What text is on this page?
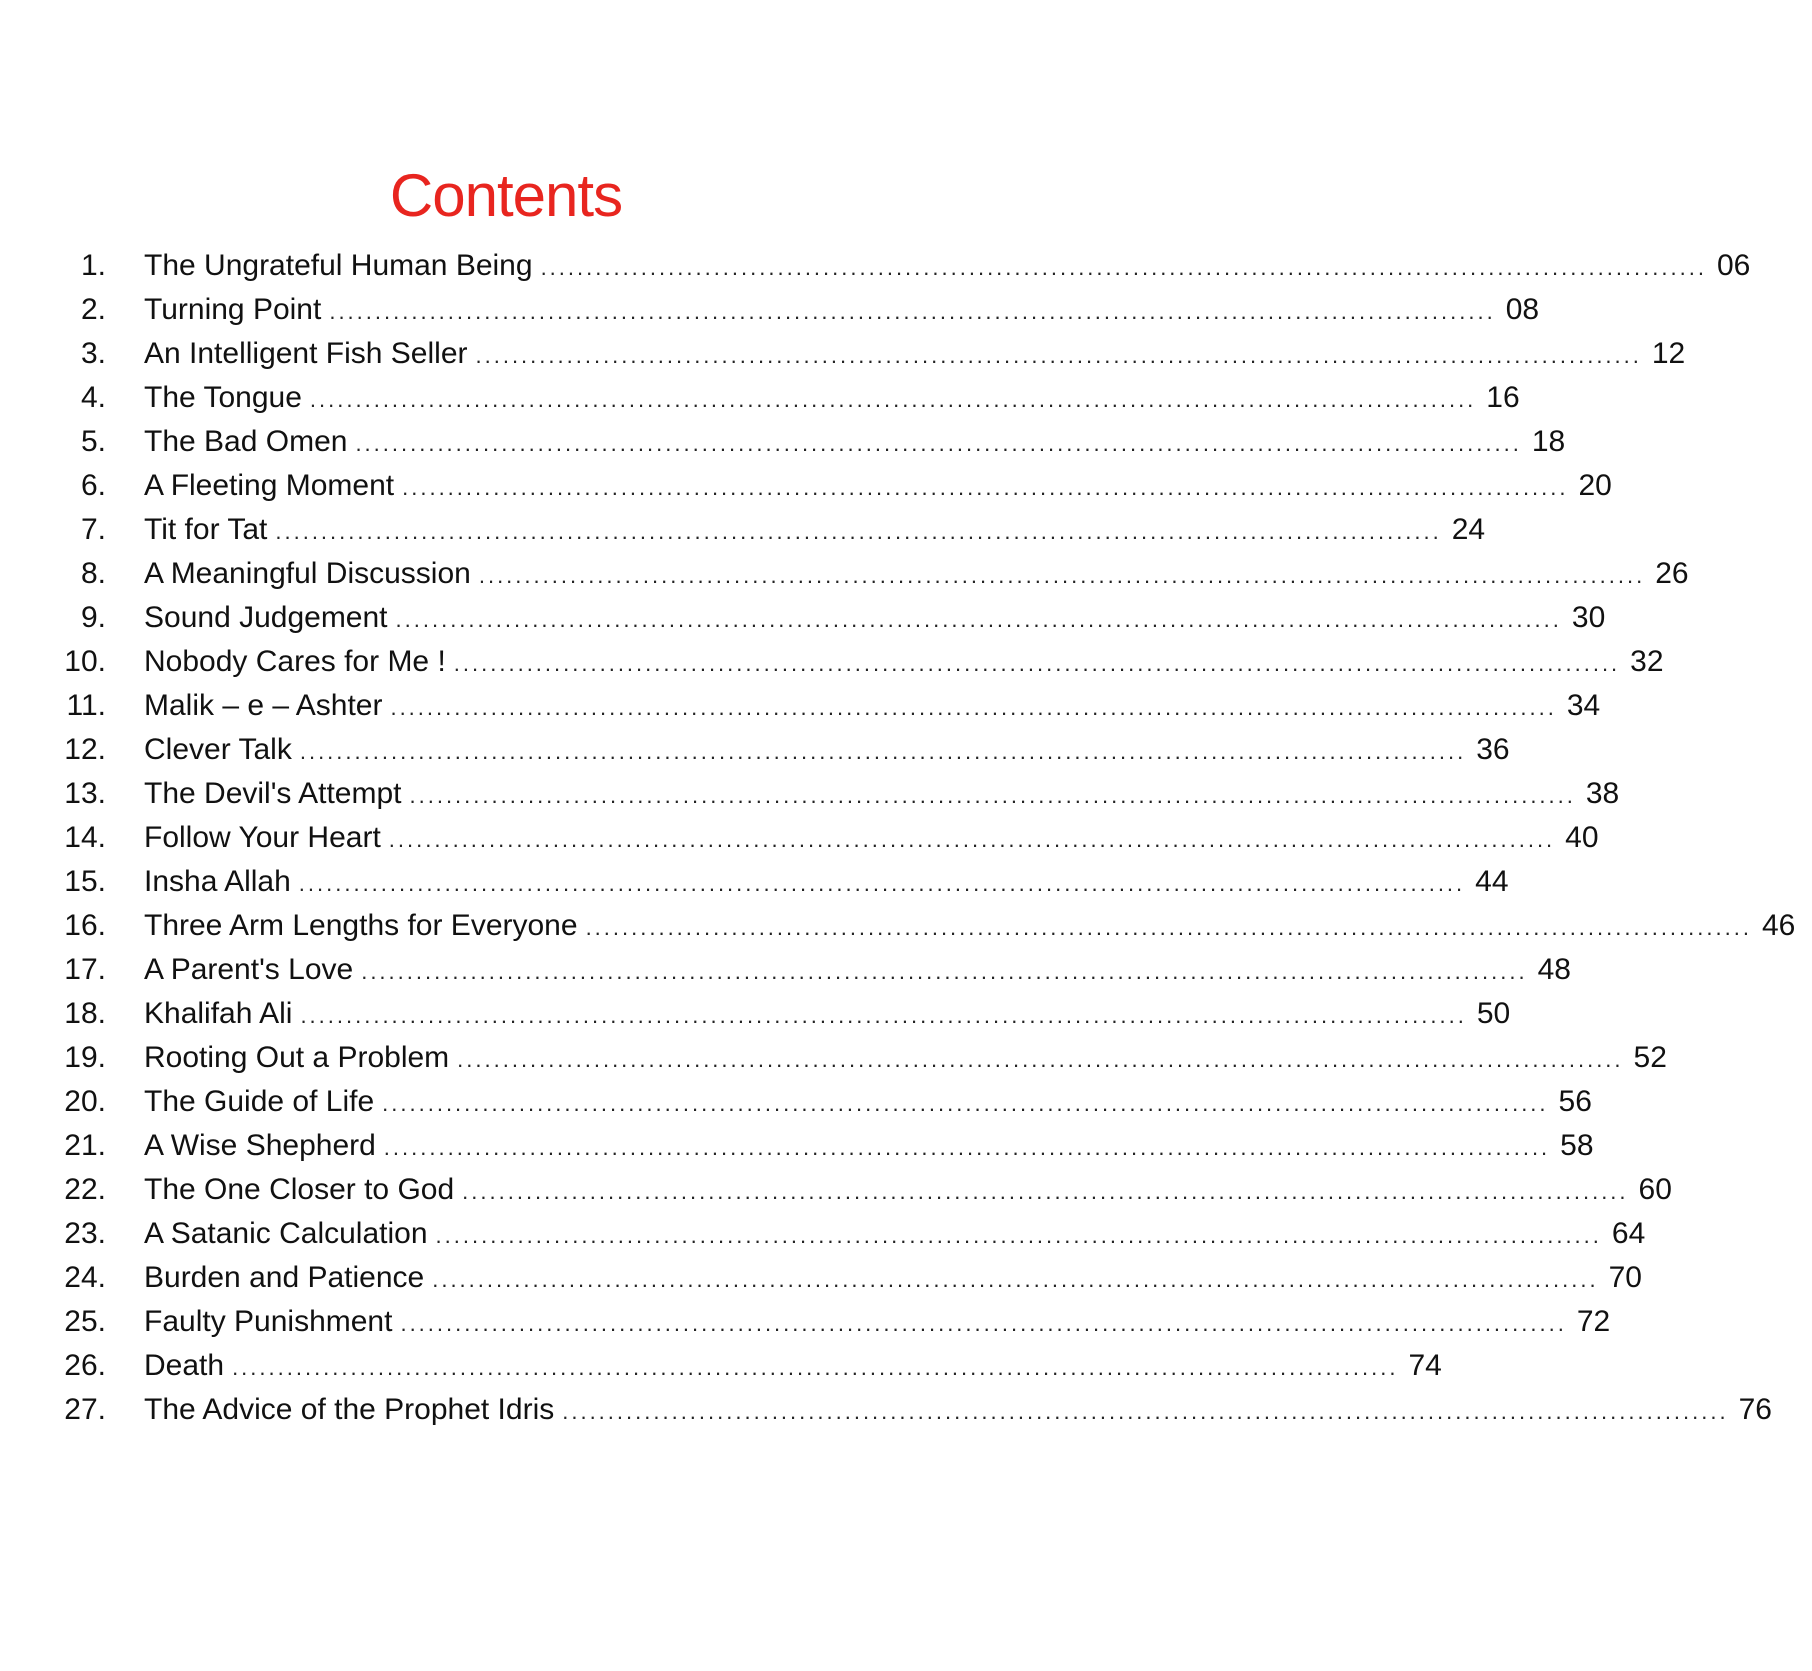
Contents
1. The Ungrateful Human Being ................................................................................................................................ 06
2. Turning Point ................................................................................................................................ 08
3. An Intelligent Fish Seller ................................................................................................................................ 12
4. The Tongue ................................................................................................................................ 16
5. The Bad Omen ................................................................................................................................ 18
6. A Fleeting Moment ................................................................................................................................ 20
7. Tit for Tat ................................................................................................................................ 24
8. A Meaningful Discussion ................................................................................................................................ 26
9. Sound Judgement ................................................................................................................................ 30
10. Nobody Cares for Me ! ................................................................................................................................ 32
11. Malik – e – Ashter ................................................................................................................................ 34
12. Clever Talk ................................................................................................................................ 36
13. The Devil's Attempt ................................................................................................................................ 38
14. Follow Your Heart ................................................................................................................................ 40
15. Insha Allah ................................................................................................................................ 44
16. Three Arm Lengths for Everyone ................................................................................................................................ 46
17. A Parent's Love ................................................................................................................................ 48
18. Khalifah Ali ................................................................................................................................ 50
19. Rooting Out a Problem ................................................................................................................................ 52
20. The Guide of Life ................................................................................................................................ 56
21. A Wise Shepherd ................................................................................................................................ 58
22. The One Closer to God ................................................................................................................................ 60
23. A Satanic Calculation ................................................................................................................................ 64
24. Burden and Patience ................................................................................................................................ 70
25. Faulty Punishment ................................................................................................................................ 72
26. Death ................................................................................................................................ 74
27. The Advice of the Prophet Idris ................................................................................................................................ 76
